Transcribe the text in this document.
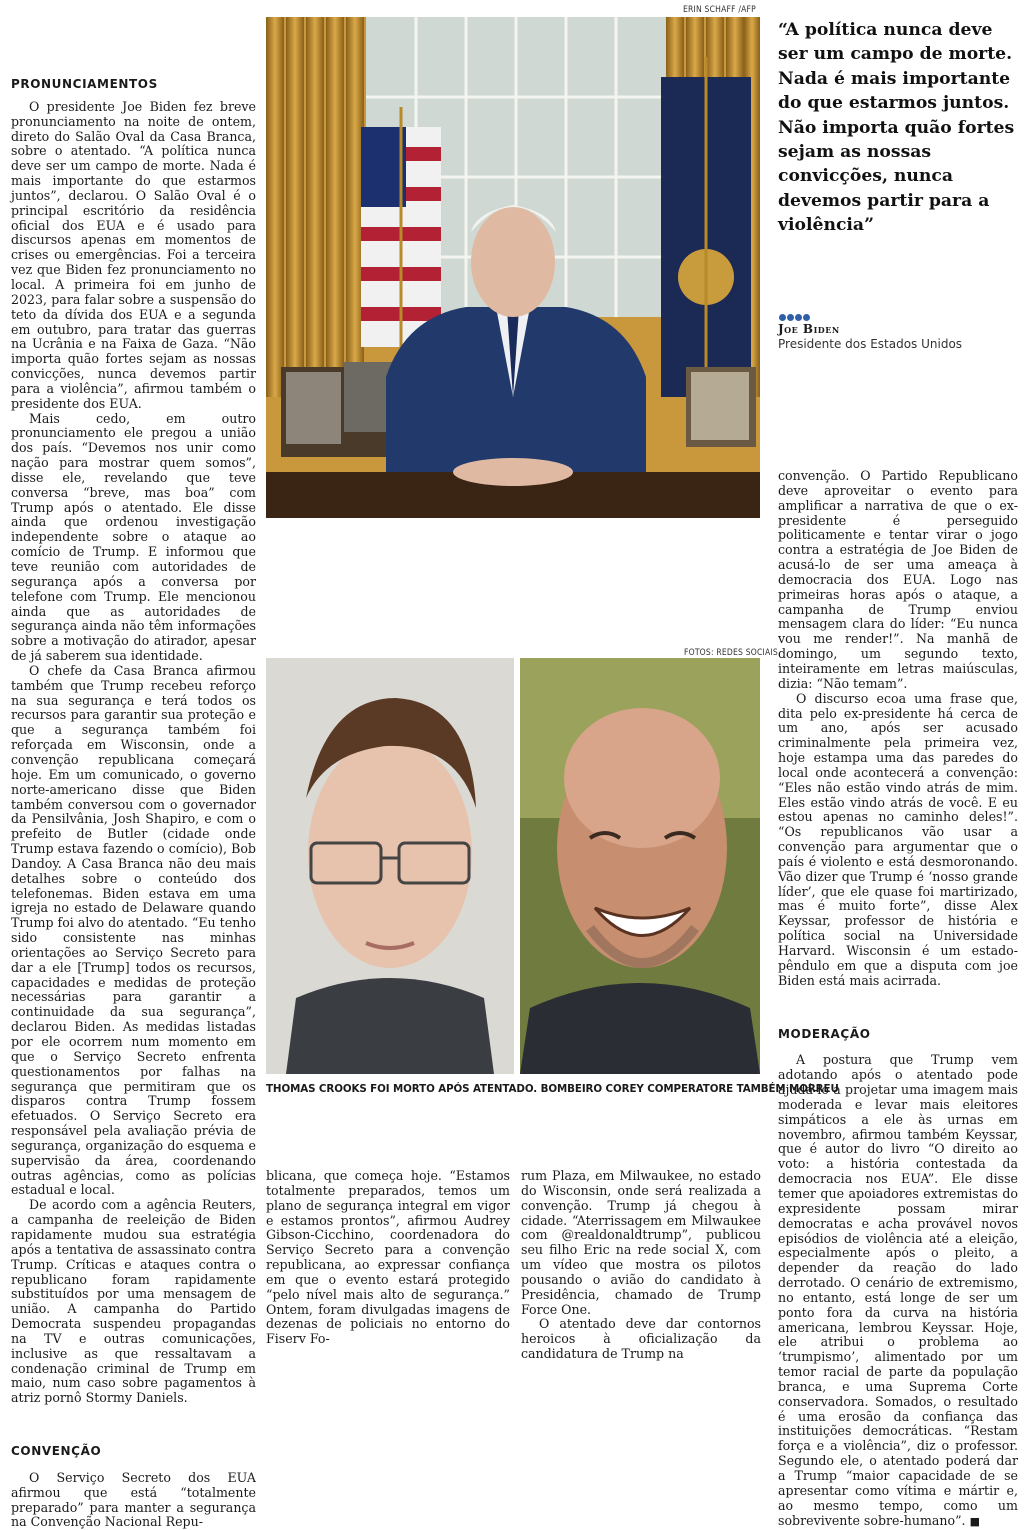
PRONUNCIAMENTOS

O presidente Joe Biden fez breve pronunciamento na noite de ontem, direto do Salão Oval da Casa Branca, sobre o atentado. “A política nunca deve ser um campo de morte. Nada é mais importante do que estarmos juntos”, declarou. O Salão Oval é o principal escritório da residência oficial dos EUA e é usado para discursos apenas em momentos de crises ou emergências. Foi a terceira vez que Biden fez pronunciamento no local. A primeira foi em junho de 2023, para falar sobre a suspensão do teto da dívida dos EUA e a segunda em outubro, para tratar das guerras na Ucrânia e na Faixa de Gaza. “Não importa quão fortes sejam as nossas convicções, nunca devemos partir para a violência”, afirmou também o presidente dos EUA.

Mais cedo, em outro pronunciamento ele pregou a união dos país. “Devemos nos unir como nação para mostrar quem somos”, disse ele, revelando que teve conversa “breve, mas boa” com Trump após o atentado. Ele disse ainda que ordenou investigação independente sobre o ataque ao comício de Trump. E informou que teve reunião com autoridades de segurança após a conversa por telefone com Trump. Ele mencionou ainda que as autoridades de segurança ainda não têm informações sobre a motivação do atirador, apesar de já saberem sua identidade.

O chefe da Casa Branca afirmou também que Trump recebeu reforço na sua segurança e terá todos os recursos para garantir sua proteção e que a segurança também foi reforçada em Wisconsin, onde a convenção republicana começará hoje. Em um comunicado, o governo norte-americano disse que Biden também conversou com o governador da Pensilvânia, Josh Shapiro, e com o prefeito de Butler (cidade onde Trump estava fazendo o comício), Bob Dandoy. A Casa Branca não deu mais detalhes sobre o conteúdo dos telefonemas. Biden estava em uma igreja no estado de Delaware quando Trump foi alvo do atentado. “Eu tenho sido consistente nas minhas orientações ao Serviço Secreto para dar a ele [Trump] todos os recursos, capacidades e medidas de proteção necessárias para garantir a continuidade da sua segurança”, declarou Biden. As medidas listadas por ele ocorrem num momento em que o Serviço Secreto enfrenta questionamentos por falhas na segurança que permitiram que os disparos contra Trump fossem efetuados. O Serviço Secreto era responsável pela avaliação prévia de segurança, organização do esquema e supervisão da área, coordenando outras agências, como as polícias estadual e local.

De acordo com a agência Reuters, a campanha de reeleição de Biden rapidamente mudou sua estratégia após a tentativa de assassinato contra Trump. Críticas e ataques contra o republicano foram rapidamente substituídos por uma mensagem de união. A campanha do Partido Democrata suspendeu propagandas na TV e outras comunicações, inclusive as que ressaltavam a condenação criminal de Trump em maio, num caso sobre pagamentos à atriz pornô Stormy Daniels.

CONVENÇÃO

O Serviço Secreto dos EUA afirmou que está “totalmente preparado” para manter a segurança na Convenção Nacional Repu-

ERIN SCHAFF /AFP
“A política nunca deve ser um campo de morte. Nada é mais importante do que estarmos juntos. Não importa quão fortes sejam as nossas convicções, nunca devemos partir para a violência”
Joe Biden
Presidente dos Estados Unidos

convenção. O Partido Republicano deve aproveitar o evento para amplificar a narrativa de que o ex-presidente é perseguido politicamente e tentar virar o jogo contra a estratégia de Joe Biden de acusá-lo de ser uma ameaça à democracia dos EUA. Logo nas primeiras horas após o ataque, a campanha de Trump enviou mensagem clara do líder: “Eu nunca vou me render!”. Na manhã de domingo, um segundo texto, inteiramente em letras maiúsculas, dizia: “Não temam”.

O discurso ecoa uma frase que, dita pelo ex-presidente há cerca de um ano, após ser acusado criminalmente pela primeira vez, hoje estampa uma das paredes do local onde acontecerá a convenção: “Eles não estão vindo atrás de mim. Eles estão vindo atrás de você. E eu estou apenas no caminho deles!”. “Os republicanos vão usar a convenção para argumentar que o país é violento e está desmoronando. Vão dizer que Trump é ‘nosso grande líder’, que ele quase foi martirizado, mas é muito forte”, disse Alex Keyssar, professor de história e política social na Universidade Harvard. Wisconsin é um estado-pêndulo em que a disputa com joe Biden está mais acirrada.

MODERAÇÃO

A postura que Trump vem adotando após o atentado pode ajudá-lo a projetar uma imagem mais moderada e levar mais eleitores simpáticos a ele às urnas em novembro, afirmou também Keyssar, que é autor do livro “O direito ao voto: a história contestada da democracia nos EUA”. Ele disse temer que apoiadores extremistas do expresidente possam mirar democratas e acha provável novos episódios de violência até a eleição, especialmente após o pleito, a depender da reação do lado derrotado. O cenário de extremismo, no entanto, está longe de ser um ponto fora da curva na história americana, lembrou Keyssar. Hoje, ele atribui o problema ao ‘trumpismo’, alimentado por um temor racial de parte da população branca, e uma Suprema Corte conservadora. Somados, o resultado é uma erosão da confiança das instituições democráticas. “Restam força e a violência”, diz o professor. Segundo ele, o atentado poderá dar a Trump “maior capacidade de se apresentar como vítima e mártir e, ao mesmo tempo, como um sobrevivente sobre-humano”. ■

FOTOS: REDES SOCIAIS
THOMAS CROOKS FOI MORTO APÓS ATENTADO. BOMBEIRO COREY COMPERATORE TAMBÉM MORREU

blicana, que começa hoje. “Estamos totalmente preparados, temos um plano de segurança integral em vigor e estamos prontos”, afirmou Audrey Gibson-Cicchino, coordenadora do Serviço Secreto para a convenção republicana, ao expressar confiança em que o evento estará protegido “pelo nível mais alto de segurança.” Ontem, foram divulgadas imagens de dezenas de policiais no entorno do Fiserv Fo-

rum Plaza, em Milwaukee, no estado do Wisconsin, onde será realizada a convenção. Trump já chegou à cidade. “Aterrissagem em Milwaukee com @realdonaldtrump”, publicou seu filho Eric na rede social X, com um vídeo que mostra os pilotos pousando o avião do candidato à Presidência, chamado de Trump Force One.

O atentado deve dar contornos heroicos à oficialização da candidatura de Trump na
